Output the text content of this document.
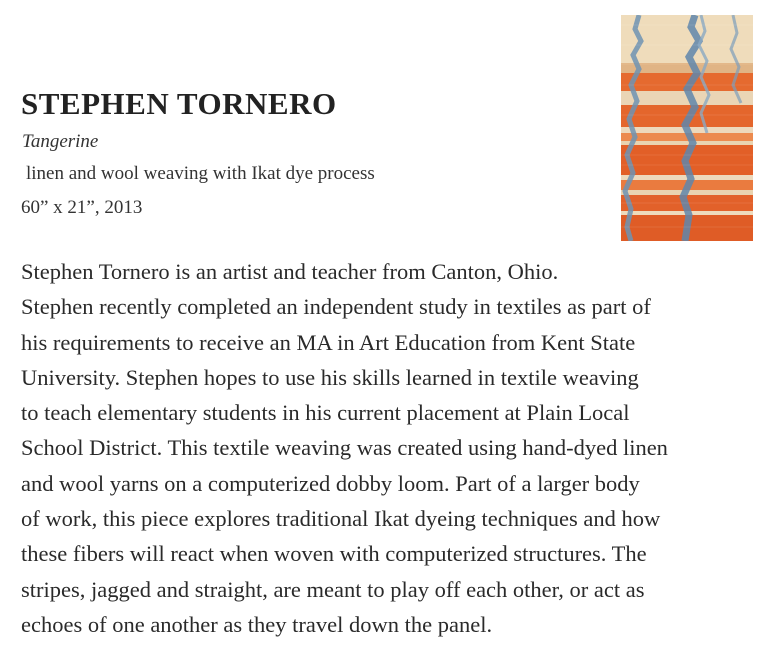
STEPHEN TORNERO
Tangerine
linen and wool weaving with Ikat dye process
60” x 21”, 2013

Stephen Tornero is an artist and teacher from Canton, Ohio.
Stephen recently completed an independent study in textiles as part of
his requirements to receive an MA in Art Education from Kent State
University. Stephen hopes to use his skills learned in textile weaving
to teach elementary students in his current placement at Plain Local
School District. This textile weaving was created using hand-dyed linen
and wool yarns on a computerized dobby loom. Part of a larger body
of work, this piece explores traditional Ikat dyeing techniques and how
these fibers will react when woven with computerized structures. The
stripes, jagged and straight, are meant to play off each other, or act as
echoes of one another as they travel down the panel.
